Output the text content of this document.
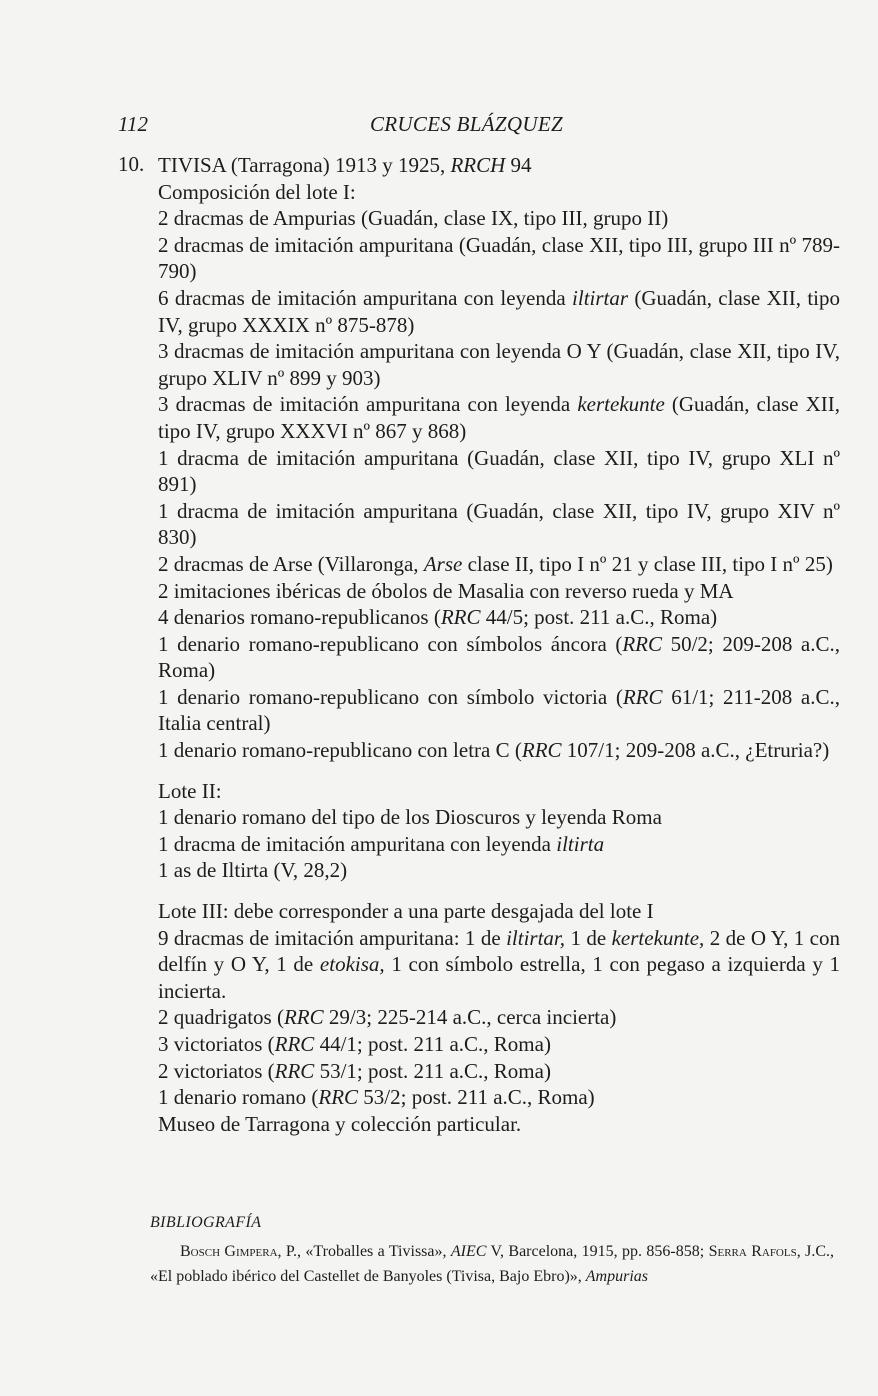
112	CRUCES BLÁZQUEZ
10. TIVISA (Tarragona) 1913 y 1925, RRCH 94

Composición del lote I:

2 dracmas de Ampurias (Guadán, clase IX, tipo III, grupo II)

2 dracmas de imitación ampuritana (Guadán, clase XII, tipo III, grupo III nº 789-790)

6 dracmas de imitación ampuritana con leyenda iltirtar (Guadán, clase XII, tipo IV, grupo XXXIX nº 875-878)

3 dracmas de imitación ampuritana con leyenda O Y (Guadán, clase XII, tipo IV, grupo XLIV nº 899 y 903)

3 dracmas de imitación ampuritana con leyenda kertekunte (Guadán, clase XII, tipo IV, grupo XXXVI nº 867 y 868)

1 dracma de imitación ampuritana (Guadán, clase XII, tipo IV, grupo XLI nº 891)

1 dracma de imitación ampuritana (Guadán, clase XII, tipo IV, grupo XIV nº 830)

2 dracmas de Arse (Villaronga, Arse clase II, tipo I nº 21 y clase III, tipo I nº 25)

2 imitaciones ibéricas de óbolos de Masalia con reverso rueda y MA

4 denarios romano-republicanos (RRC 44/5; post. 211 a.C., Roma)

1 denario romano-republicano con símbolos áncora (RRC 50/2; 209-208 a.C., Roma)

1 denario romano-republicano con símbolo victoria (RRC 61/1; 211-208 a.C., Italia central)

1 denario romano-republicano con letra C (RRC 107/1; 209-208 a.C., ¿Etruria?)

Lote II:

1 denario romano del tipo de los Dioscuros y leyenda Roma

1 dracma de imitación ampuritana con leyenda iltirta

1 as de Iltirta (V, 28,2)

Lote III: debe corresponder a una parte desgajada del lote I

9 dracmas de imitación ampuritana: 1 de iltirtar, 1 de kertekunte, 2 de O Y, 1 con delfín y O Y, 1 de etokisa, 1 con símbolo estrella, 1 con pegaso a izquierda y 1 incierta.

2 quadrigatos (RRC 29/3; 225-214 a.C., cerca incierta)

3 victoriatos (RRC 44/1; post. 211 a.C., Roma)

2 victoriatos (RRC 53/1; post. 211 a.C., Roma)

1 denario romano (RRC 53/2; post. 211 a.C., Roma)

Museo de Tarragona y colección particular.

BIBLIOGRAFÍA
Bosch Gimpera, P., «Troballes a Tivissa», AIEC V, Barcelona, 1915, pp. 856-858; Serra Rafols, J.C., «El poblado ibérico del Castellet de Banyoles (Tivisa, Bajo Ebro)», Ampurias
